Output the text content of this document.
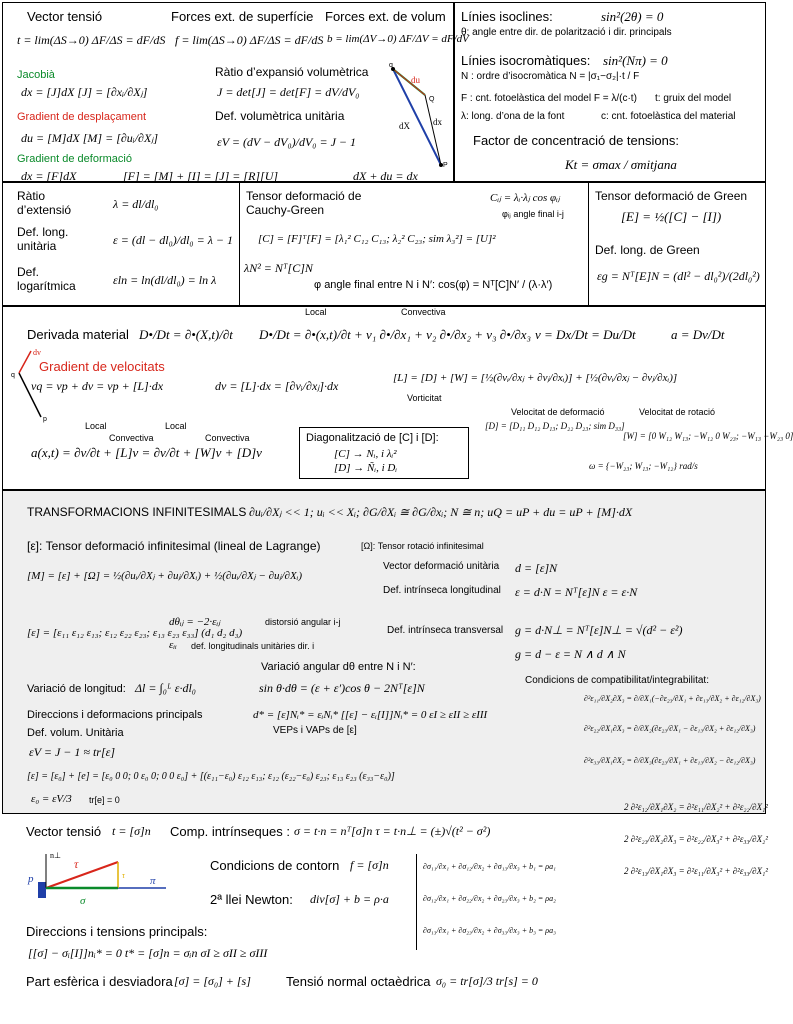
Vector tensió
t = lim(ΔS→0) ΔF/ΔS = dF/dS
Forces ext. de superfície
f = lim(ΔS→0) ΔF/ΔS = dF/dS
Forces ext. de volum
b = lim(ΔV→0) ΔF/ΔV = dF/dV
Jacobià
dx = [J]dX [J] = [∂xᵢ/∂Xⱼ]
Ràtio d’expansió volumètrica
J = det[J] = det[F] = dV/dV₀
Gradient de desplaçament
du = [M]dX [M] = [∂uᵢ/∂Xⱼ]
Def. volumètrica unitària
εV = (dV − dV₀)/dV₀ = J − 1
Gradient de deformació
dx = [F]dX	[F] = [M] + [I] = [J] = [R][U]	dX + du = dx
q
du
Q
dX	dx
P
Línies isoclines:	sin²(2θ) = 0
θ: angle entre dir. de polarització i dir. principals
Línies isocromàtiques: sin²(Nπ) = 0
N : ordre d’isocromàtica N = |σ₁−σ₂|·t / F
F : cnt. fotoelàstica del model F = λ/(c·t) t: gruix del model
λ: long. d’ona de la font	c: cnt. fotoelàstica del material
Factor de concentració de tensions:
Kt = σmax / σmitjana
Ràtio d’extensió	λ = dl/dl₀
Def. long. unitària	ε = (dl − dl₀)/dl₀ = λ − 1
Def. logarítmica	εln = ln(dl/dl₀) = ln λ
Tensor deformació de Cauchy-Green
Cᵢⱼ = λᵢ·λⱼ cos φᵢⱼ
φᵢⱼ angle final i-j
[C] = [F]ᵀ[F] = [λ₁² C₁₂ C₁₃; λ₂² C₂₃; sim λ₃²] = [U]²
λN² = Nᵀ[C]N
φ angle final entre N i N′: cos(φ) = Nᵀ[C]N′ / (λ·λ′)
Tensor deformació de Green
[E] = ½([C] − [I])
Def. long. de Green
εg = Nᵀ[E]N = (dl² − dl₀²)/(2dl₀²)
Derivada material D•/Dt = ∂•(X,t)/∂t
Local	Convectiva
D•/Dt = ∂•(x,t)/∂t + v₁ ∂•/∂x₁ + v₂ ∂•/∂x₂ + v₃ ∂•/∂x₃ v = Dx/Dt = Du/Dt	a = Dv/Dt
dv
q
p
Gradient de velocitats
vq = vp + dv = vp + [L]·dx	dv = [L]·dx = [∂vᵢ/∂xⱼ]·dx
[L] = [D] + [W] = [½(∂vᵢ/∂xⱼ + ∂vⱼ/∂xᵢ)] + [½(∂vᵢ/∂xⱼ − ∂vⱼ/∂xᵢ)]
Vorticitat
Velocitat de deformació	Velocitat de rotació
Local	Local
Convectiva	Convectiva
a(x,t) = ∂v/∂t + [L]v = ∂v/∂t + [W]v + [D]v
Diagonalització de [C] i [D]:
[C] → Nᵢ, i λᵢ²
[D] → Ñᵢ, i Dᵢ
[D] = [D₁₁ D₁₂ D₁₃; D₂₂ D₂₃; sim D₃₃]
[W] = [0 W₁₂ W₁₃; −W₁₂ 0 W₂₃; −W₁₃ −W₂₃ 0]
ω = {−W₂₃; W₁₃; −W₁₂} rad/s
TRANSFORMACIONS INFINITESIMALS ∂uᵢ/∂Xⱼ << 1; uᵢ << Xᵢ; ∂G/∂Xᵢ ≅ ∂G/∂xᵢ; N ≅ n; uQ = uP + du = uP + [M]·dX
[ε]: Tensor deformació infinitesimal (lineal de Lagrange)	[Ω]: Tensor rotació infinitesimal
[M] = [ε] + [Ω] = ½(∂uᵢ/∂Xⱼ + ∂uⱼ/∂Xᵢ) + ½(∂uᵢ/∂Xⱼ − ∂uⱼ/∂Xᵢ)
Vector deformació unitària d = [ε]N
Def. intrínseca longitudinal ε = d·N = Nᵀ[ε]N ε = ε·N
[ε] = [ε₁₁ ε₁₂ ε₁₃; ε₁₂ ε₂₂ ε₂₃; ε₁₃ ε₂₃ ε₃₃] (d₁ d₂ d₃)
dθᵢⱼ = −2·εᵢⱼ	distorsió angular i-j
εᵢᵢ def. longitudinals unitàries dir. i
Def. intrínseca transversal g = d·N⊥ = Nᵀ[ε]N⊥ = √(d² − ε²)
g = d − ε = N ∧ d ∧ N
Variació angular dθ entre N i N′:
sin θ·dθ = (ε + ε′)cos θ − 2Nᵀ[ε]N
Variació de longitud: Δl = ∫₀ᴸ ε·dl₀
Condicions de compatibilitat/integrabilitat:
Direccions i deformacions principals	d* = [ε]Nᵢ* = εᵢNᵢ* [[ε] − εᵢ[I]]Nᵢ* = 0 εI ≥ εII ≥ εIII
VEPs i VAPs de [ε]
Def. volum. Unitària
εV = J − 1 ≈ tr[ε]
[ε] = [ε₀] + [e] = [ε₀ 0 0; 0 ε₀ 0; 0 0 ε₀] + [(ε₁₁−ε₀) ε₁₂ ε₁₃; ε₁₂ (ε₂₂−ε₀) ε₂₃; ε₁₃ ε₂₃ (ε₃₃−ε₀)]
ε₀ = εV/3 tr[e] = 0
∂²ε₁₁/∂X₂∂X₃ = ∂/∂X₁(−∂ε₂₃/∂X₁ + ∂ε₁₃/∂X₂ + ∂ε₁₂/∂X₃)
∂²ε₂₂/∂X₁∂X₃ = ∂/∂X₂(∂ε₂₃/∂X₁ − ∂ε₁₃/∂X₂ + ∂ε₁₂/∂X₃)
∂²ε₃₃/∂X₁∂X₂ = ∂/∂X₃(∂ε₂₃/∂X₁ + ∂ε₁₃/∂X₂ − ∂ε₁₂/∂X₃)
2 ∂²ε₁₂/∂X₁∂X₂ = ∂²ε₁₁/∂X₂² + ∂²ε₂₂/∂X₁²
2 ∂²ε₂₃/∂X₂∂X₃ = ∂²ε₂₂/∂X₃² + ∂²ε₃₃/∂X₂²
2 ∂²ε₁₃/∂X₁∂X₃ = ∂²ε₁₁/∂X₃² + ∂²ε₃₃/∂X₁²
Vector tensió t = [σ]n Comp. intrínseques : σ = t·n = nᵀ[σ]n τ = t·n⊥ = (±)√(t² − σ²)
n⊥
p
τ
τ
σ
π
Condicions de contorn f = [σ]n
2ª llei Newton: div[σ] + b = ρ·a
∂σ₁₁/∂x₁ + ∂σ₁₂/∂x₂ + ∂σ₁₃/∂x₃ + b₁ = ρa₁
∂σ₁₂/∂x₁ + ∂σ₂₂/∂x₂ + ∂σ₂₃/∂x₃ + b₂ = ρa₂
∂σ₁₃/∂x₁ + ∂σ₂₃/∂x₂ + ∂σ₃₃/∂x₃ + b₃ = ρa₃
Direccions i tensions principals:
[[σ] − σᵢ[I]]nᵢ* = 0 t* = [σ]n = σᵢn σI ≥ σII ≥ σIII
Part esfèrica i desviadora [σ] = [σ₀] + [s]	Tensió normal octaèdrica σ₀ = tr[σ]/3 tr[s] = 0
